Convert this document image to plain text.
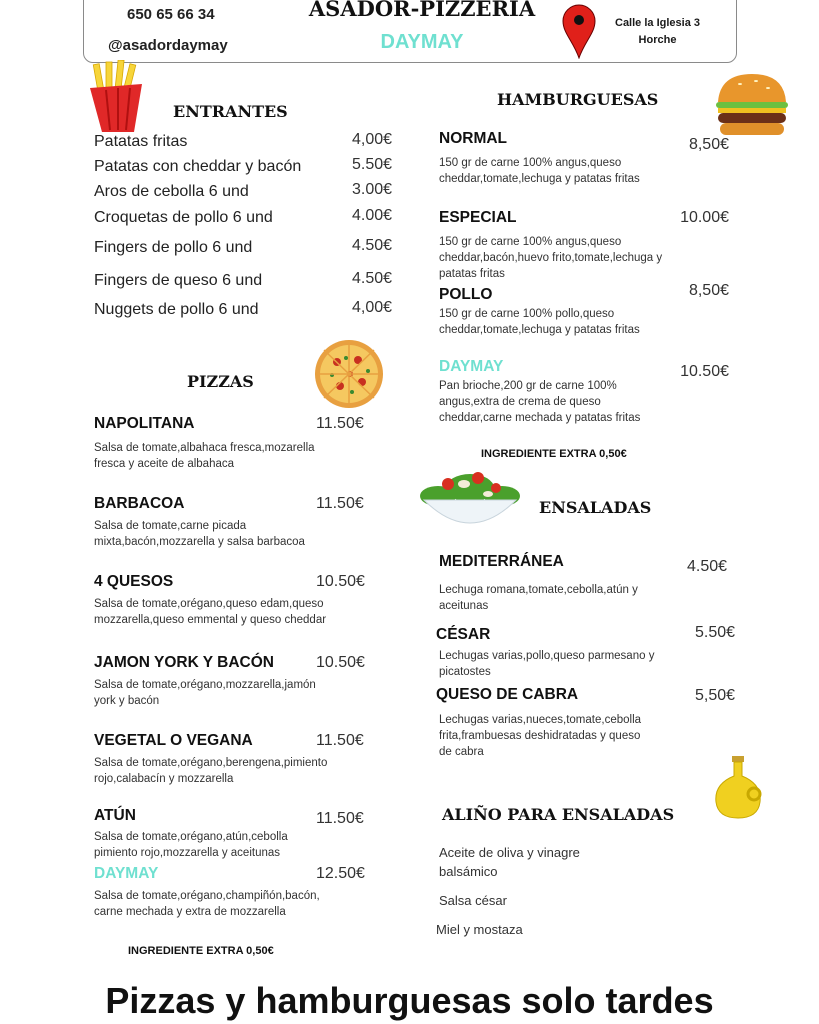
650 65 66 34
@asadordaymay
ASADOR-PIZZERIA
DAYMAY
Calle la Iglesia 3
Horche
ENTRANTES
PIZZAS
INGREDIENTE EXTRA 0,50€
HAMBURGUESAS
INGREDIENTE EXTRA 0,50€
ENSALADAS
ALIÑO PARA ENSALADAS
Pizzas y hamburguesas solo tardes
Patatas fritas	4,00€
Patatas con cheddar y bacón	5.50€
Aros de cebolla 6 und	3.00€
Croquetas de pollo 6 und	4.00€
Fingers de pollo 6 und	4.50€
Fingers de queso 6 und	4.50€
Nuggets de pollo 6 und	4,00€
NAPOLITANA	11.50€
Salsa de tomate,albahaca fresca,mozarella fresca y aceite de albahaca
BARBACOA	11.50€
Salsa de tomate,carne picada mixta,bacón,mozzarella y salsa barbacoa
4 QUESOS	10.50€
Salsa de tomate,orégano,queso edam,queso mozzarella,queso emmental y queso cheddar
JAMON YORK Y BACÓN	10.50€
Salsa de tomate,orégano,mozzarella,jamón york y bacón
VEGETAL O VEGANA	11.50€
Salsa de tomate,orégano,berengena,pimiento rojo,calabacín y mozzarella
ATÚN	11.50€
Salsa de tomate,orégano,atún,cebolla pimiento rojo,mozzarella y aceitunas
DAYMAY	12.50€
Salsa de tomate,orégano,champiñón,bacón, carne mechada y extra de mozzarella
NORMAL	8,50€
150 gr de carne 100% angus,queso cheddar,tomate,lechuga y patatas fritas
ESPECIAL	10.00€
150 gr de carne 100% angus,queso cheddar,bacón,huevo frito,tomate,lechuga y patatas fritas
POLLO	8,50€
150 gr de carne 100% pollo,queso cheddar,tomate,lechuga y patatas fritas
DAYMAY	10.50€
Pan brioche,200 gr de carne 100% angus,extra de crema de queso cheddar,carne mechada y patatas fritas
MEDITERRÁNEA	4.50€
Lechuga romana,tomate,cebolla,atún y aceitunas
CÉSAR	5.50€
Lechugas varias,pollo,queso parmesano y picatostes
QUESO DE CABRA	5,50€
Lechugas varias,nueces,tomate,cebolla frita,frambuesas deshidratadas y queso de cabra
Aceite de oliva y vinagre balsámico
Salsa césar
Miel y mostaza
